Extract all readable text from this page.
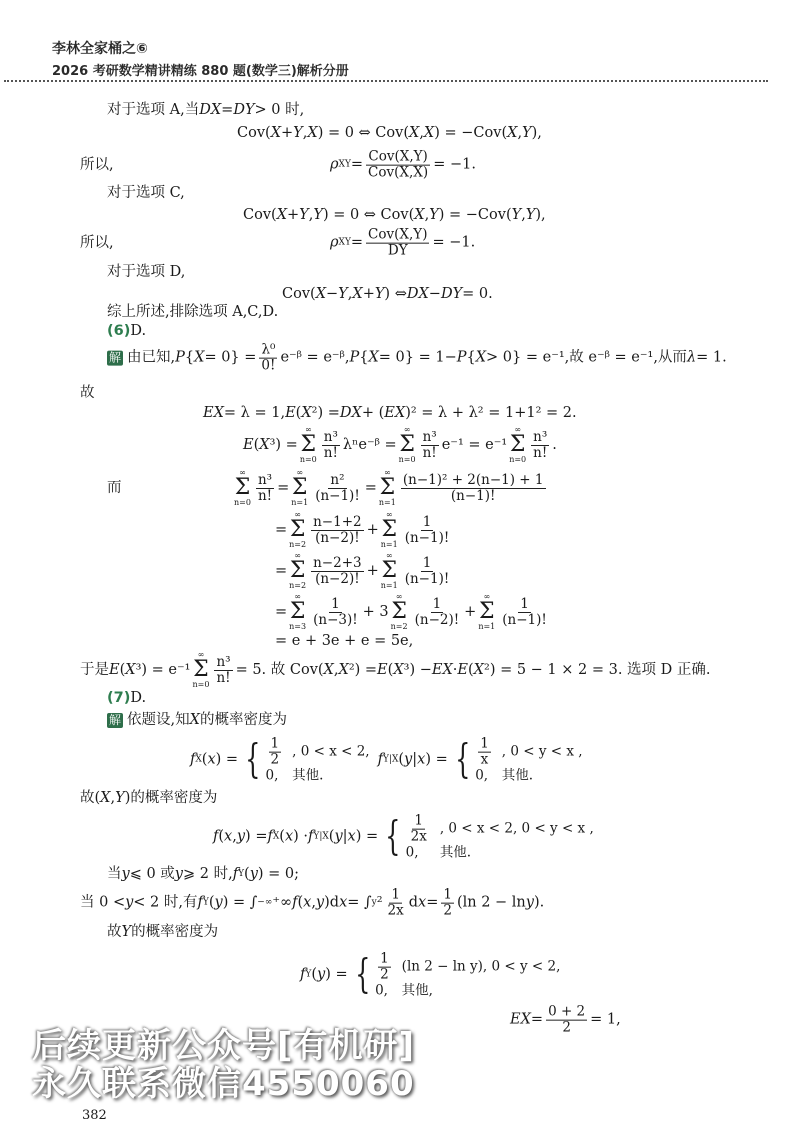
李林全家桶之⑥
2026 考研数学精讲精练 880 题(数学三)解析分册
对于选项 A,当 DX = DY > 0 时,
Cov( X + Y , X ) = 0 ⇔ Cov( X , X ) = −Cov( X , Y ),
所以,	ρ XY = $\frac{\text{Cov(X,Y)}}{\text{Cov(X,X)}} = -1$.
对于选项 C,
Cov( X + Y , Y ) = 0 ⇔ Cov( X , Y ) = −Cov( Y , Y ),
所以,	ρ XY = $\frac{\text{Cov(X,Y)}}{DY} = -1$.
对于选项 D,
Cov( X − Y , X + Y ) ⇔ DX − DY = 0.
综上所述,排除选项 A,C,D.
(6) D.
解 由已知, P { $X = 0\} = \frac{\text{λ⁰}}{0!}$ e⁻ᵝ = e⁻ᵝ, P { X = 0} = 1− P { X > 0} = e⁻¹,故 e⁻ᵝ = e⁻¹,从而 λ = 1.
故
EX = λ = 1, E ( X ²) = DX + ( EX )² = λ + λ² = 1+1² = 2.
E ( X ³) =
∞
Σ
$n=0 \frac{\text{n³}}{n!}$ λⁿe⁻ᵝ =
∞
Σ
$n=0 \frac{\text{n³}}{n!} e^{-1} = e^{-1}$
∞
Σ
$n=0 \frac{\text{n³}}{n!}$ .
而
∞
Σ
$n=0 \frac{\text{n³}}{n!}$ =
∞
Σ
$n=1 \frac{\text{n²}}{(n-1)!}$ =
∞
Σ
$n=1 \frac{\text{(n−1)² + 2(n−1) + 1}}{(n-1)!}$
=
∞
Σ
$n=2 \frac{n-1+2}{(n-2)!}$ +
∞
Σ
$n=1 \frac{1}{(n-1)!}$
=
∞
Σ
$n=2 \frac{n-2+3}{(n-2)!}$ +
∞
Σ
$n=1 \frac{1}{(n-1)!}$
=
∞
Σ
$n=3 \frac{1}{(n-3)!} + 3$
∞
Σ
$n=2 \frac{1}{(n-2)!}$ +
∞
Σ
$n=1 \frac{1}{(n-1)!}$
= e + 3e + e = 5e,
于是 E ( X ³) = e⁻¹
∞
Σ
$n=0 \frac{\text{n³}}{n!} = 5$. 故 Cov( X , X ²) = E ( X ³) − EX · E ( X ²) = 5 − 1 × 2 = 3. 选项 D 正确.
(7) D.
解 依题设,知 X 的概率密度为
f X ( x ) = { $\frac{1}{2}$	, 0 < x < 2,
0,	其他.
f Y|X ( y | x ) = { $\frac{1}{x}$	, 0 < y < x ,
0,	其他.
故( X , Y )的概率密度为
f ( x , y ) = f X ( x ) · f Y|X ( y | x ) = { $\frac{1}{2x}$	, 0 < x < 2, 0 < y < x ,
0,	其他.
当 y ⩽ 0 或 y ⩾ 2 时, f Y ( y ) = 0;
当 0 < y < 2 时,有 f Y ( y ) = ∫ −∞ ⁺∞ f ( x , y )d x = ∫ y $^2 \frac{1}{2x}$ d $x = \frac{1}{2} (\ln$ 2 − ln y ).
故 Y 的概率密度为
f Y ( y ) = { $\frac{1}{2}$	(ln 2 − ln y), 0 < y < 2,
0,	其他,
EX = $\frac{0 + 2}{2} = 1$,
382
后续更新公众号[有机研]
永久联系微信4550060
